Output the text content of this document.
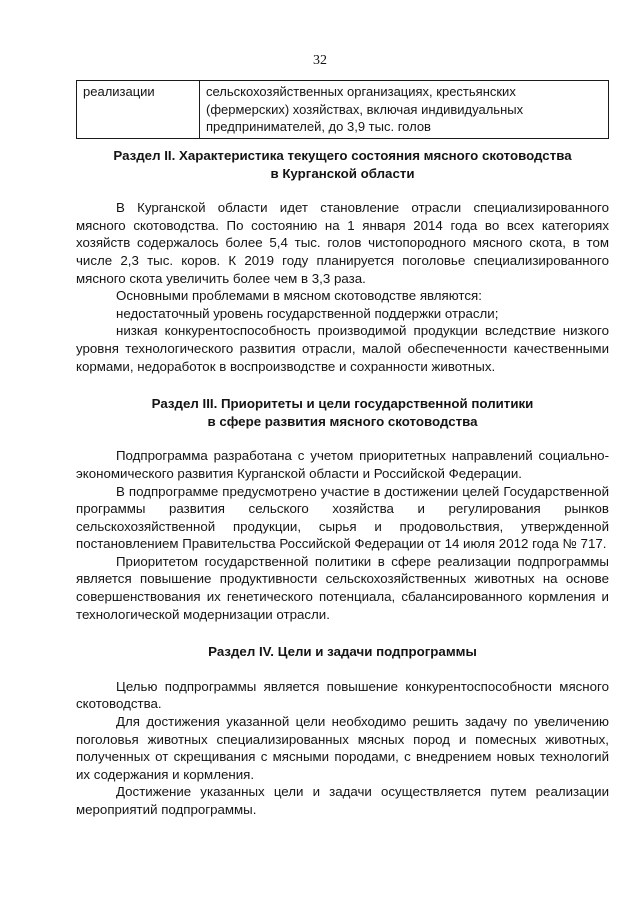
32
реализации	сельскохозяйственных организациях, крестьянских
(фермерских) хозяйствах, включая индивидуальных
предпринимателей, до 3,9 тыс. голов
Раздел II. Характеристика текущего состояния мясного скотоводства
в Курганской области

В Курганской области идет становление отрасли специализированного мясного скотоводства. По состоянию на 1 января 2014 года во всех категориях хозяйств содержалось более 5,4 тыс. голов чистопородного мясного скота, в том числе 2,3 тыс. коров. К 2019 году планируется поголовье специализированного мясного скота увеличить более чем в 3,3 раза.

Основными проблемами в мясном скотоводстве являются:

недостаточный уровень государственной поддержки отрасли;

низкая конкурентоспособность производимой продукции вследствие низкого уровня технологического развития отрасли, малой обеспеченности качественными кормами, недоработок в воспроизводстве и сохранности животных.

Раздел III. Приоритеты и цели государственной политики
в сфере развития мясного скотоводства

Подпрограмма разработана с учетом приоритетных направлений социально-экономического развития Курганской области и Российской Федерации.

В подпрограмме предусмотрено участие в достижении целей Государственной программы развития сельского хозяйства и регулирования рынков сельскохозяйственной продукции, сырья и продовольствия, утвержденной постановлением Правительства Российской Федерации от 14 июля 2012 года № 717.

Приоритетом государственной политики в сфере реализации подпрограммы является повышение продуктивности сельскохозяйственных животных на основе совершенствования их генетического потенциала, сбалансированного кормления и технологической модернизации отрасли.

Раздел IV. Цели и задачи подпрограммы

Целью подпрограммы является повышение конкурентоспособности мясного скотоводства.

Для достижения указанной цели необходимо решить задачу по увеличению поголовья животных специализированных мясных пород и помесных животных, полученных от скрещивания с мясными породами, с внедрением новых технологий их содержания и кормления.

Достижение указанных цели и задачи осуществляется путем реализации мероприятий подпрограммы.
